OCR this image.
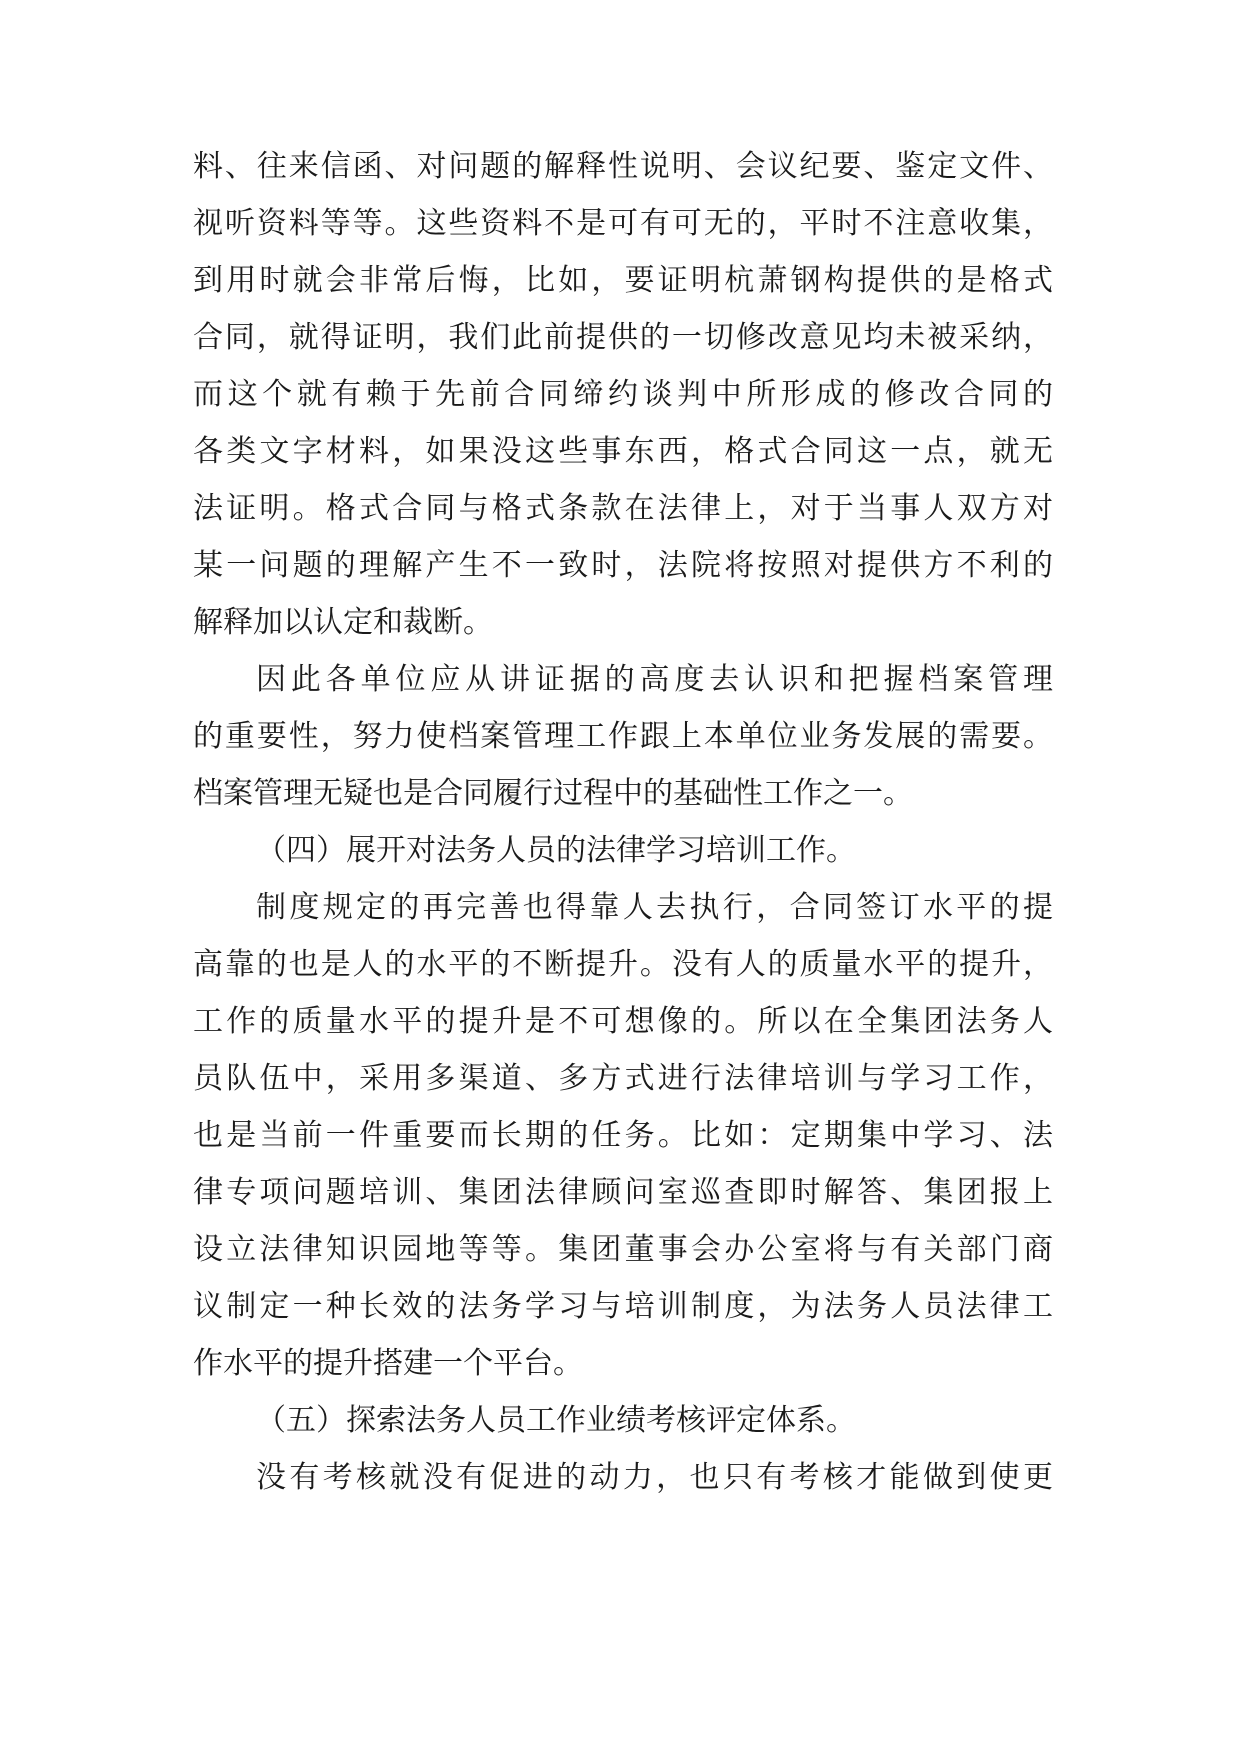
料、往来信函、对问题的解释性说明、会议纪要、鉴定文件、
视听资料等等。这些资料不是可有可无的，平时不注意收集，
到用时就会非常后悔，比如，要证明杭萧钢构提供的是格式
合同，就得证明，我们此前提供的一切修改意见均未被采纳，
而这个就有赖于先前合同缔约谈判中所形成的修改合同的
各类文字材料，如果没这些事东西，格式合同这一点，就无
法证明。格式合同与格式条款在法律上，对于当事人双方对
某一问题的理解产生不一致时，法院将按照对提供方不利的
解释加以认定和裁断。
因此各单位应从讲证据的高度去认识和把握档案管理
的重要性，努力使档案管理工作跟上本单位业务发展的需要。
档案管理无疑也是合同履行过程中的基础性工作之一。
（四）展开对法务人员的法律学习培训工作。
制度规定的再完善也得靠人去执行，合同签订水平的提
高靠的也是人的水平的不断提升。没有人的质量水平的提升，
工作的质量水平的提升是不可想像的。所以在全集团法务人
员队伍中，采用多渠道、多方式进行法律培训与学习工作，
也是当前一件重要而长期的任务。比如：定期集中学习、法
律专项问题培训、集团法律顾问室巡查即时解答、集团报上
设立法律知识园地等等。集团董事会办公室将与有关部门商
议制定一种长效的法务学习与培训制度，为法务人员法律工
作水平的提升搭建一个平台。
（五）探索法务人员工作业绩考核评定体系。
没有考核就没有促进的动力，也只有考核才能做到使更
